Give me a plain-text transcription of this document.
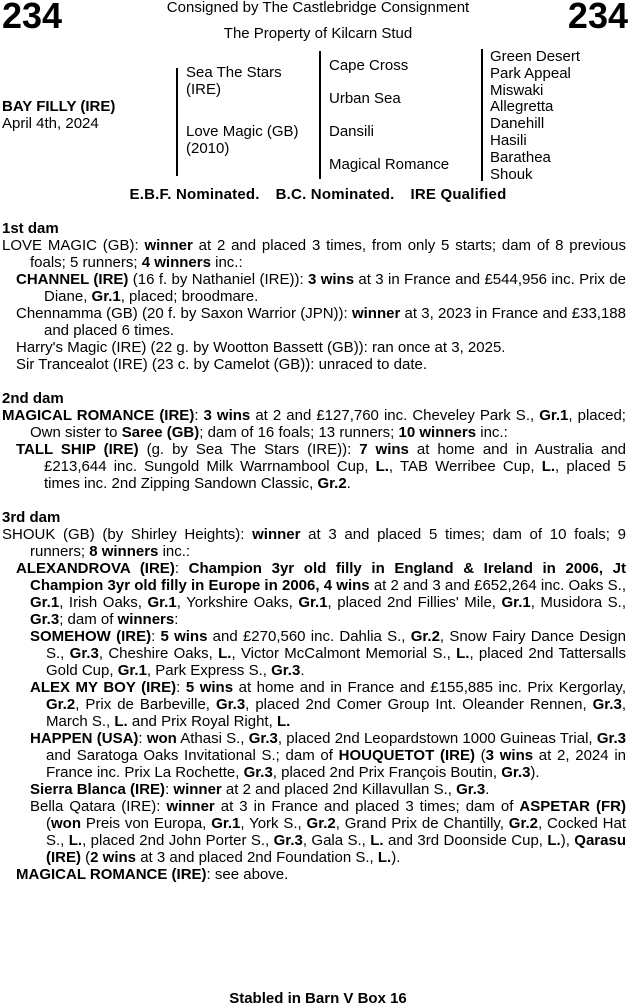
234	234
Consigned by The Castlebridge Consignment
The Property of Kilcarn Stud
BAY FILLY (IRE)
April 4th, 2024
Sea The Stars
(IRE)
Love Magic (GB)
(2010)
Cape Cross
Urban Sea
Dansili
Magical Romance
Green Desert
Park Appeal
Miswaki
Allegretta
Danehill
Hasili
Barathea
Shouk
E.B.F. Nominated. B.C. Nominated. IRE Qualified
1st dam
LOVE MAGIC (GB): winner at 2 and placed 3 times, from only 5 starts; dam of 8 previous foals; 5 runners; 4 winners inc.:
CHANNEL (IRE) (16 f. by Nathaniel (IRE)): 3 wins at 3 in France and £544,956 inc. Prix de Diane, Gr.1, placed; broodmare.
Chennamma (GB) (20 f. by Saxon Warrior (JPN)): winner at 3, 2023 in France and £33,188 and placed 6 times.
Harry's Magic (IRE) (22 g. by Wootton Bassett (GB)): ran once at 3, 2025.
Sir Trancealot (IRE) (23 c. by Camelot (GB)): unraced to date.
2nd dam
MAGICAL ROMANCE (IRE): 3 wins at 2 and £127,760 inc. Cheveley Park S., Gr.1, placed; Own sister to Saree (GB); dam of 16 foals; 13 runners; 10 winners inc.:
TALL SHIP (IRE) (g. by Sea The Stars (IRE)): 7 wins at home and in Australia and £213,644 inc. Sungold Milk Warrnambool Cup, L., TAB Werribee Cup, L., placed 5 times inc. 2nd Zipping Sandown Classic, Gr.2.
3rd dam
SHOUK (GB) (by Shirley Heights): winner at 3 and placed 5 times; dam of 10 foals; 9 runners; 8 winners inc.:
ALEXANDROVA (IRE): Champion 3yr old filly in England & Ireland in 2006, Jt Champion 3yr old filly in Europe in 2006, 4 wins at 2 and 3 and £652,264 inc. Oaks S., Gr.1, Irish Oaks, Gr.1, Yorkshire Oaks, Gr.1, placed 2nd Fillies' Mile, Gr.1, Musidora S., Gr.3; dam of winners:
SOMEHOW (IRE): 5 wins and £270,560 inc. Dahlia S., Gr.2, Snow Fairy Dance Design S., Gr.3, Cheshire Oaks, L., Victor McCalmont Memorial S., L., placed 2nd Tattersalls Gold Cup, Gr.1, Park Express S., Gr.3.
ALEX MY BOY (IRE): 5 wins at home and in France and £155,885 inc. Prix Kergorlay, Gr.2, Prix de Barbeville, Gr.3, placed 2nd Comer Group Int. Oleander Rennen, Gr.3, March S., L. and Prix Royal Right, L.
HAPPEN (USA): won Athasi S., Gr.3, placed 2nd Leopardstown 1000 Guineas Trial, Gr.3 and Saratoga Oaks Invitational S.; dam of HOUQUETOT (IRE) (3 wins at 2, 2024 in France inc. Prix La Rochette, Gr.3, placed 2nd Prix François Boutin, Gr.3).
Sierra Blanca (IRE): winner at 2 and placed 2nd Killavullan S., Gr.3.
Bella Qatara (IRE): winner at 3 in France and placed 3 times; dam of ASPETAR (FR) (won Preis von Europa, Gr.1, York S., Gr.2, Grand Prix de Chantilly, Gr.2, Cocked Hat S., L., placed 2nd John Porter S., Gr.3, Gala S., L. and 3rd Doonside Cup, L.), Qarasu (IRE) (2 wins at 3 and placed 2nd Foundation S., L.).
MAGICAL ROMANCE (IRE): see above.
Stabled in Barn V Box 16
